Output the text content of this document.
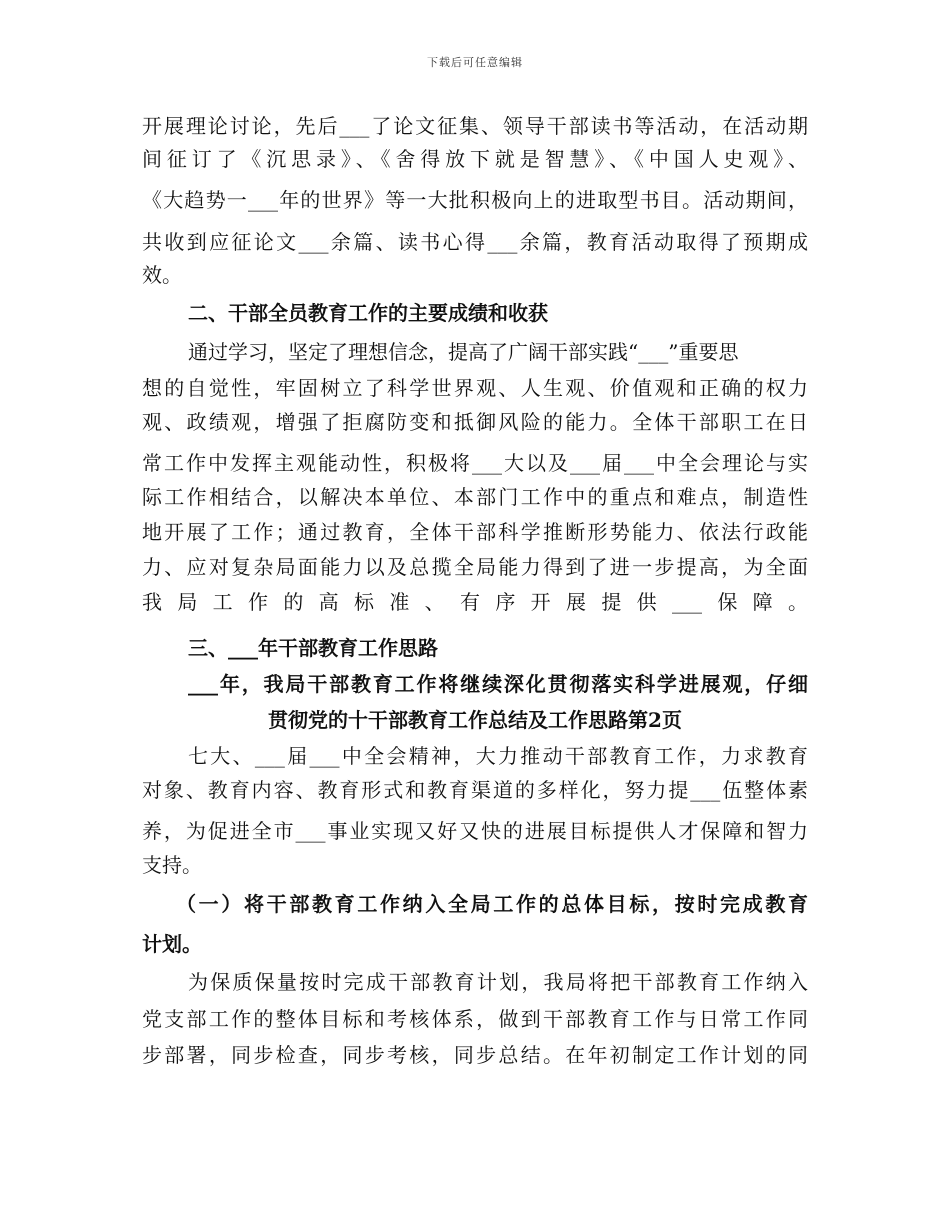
下载后可任意编辑
开展理论讨论，先后___了论文征集、领导干部读书等活动，在活动期
间征订了《沉思录》、《舍得放下就是智慧》、《中国人史观》、
《大趋势一___年的世界》等一大批积极向上的进取型书目。活动期间，
共收到应征论文___余篇、读书心得___余篇，教育活动取得了预期成
效。
二、干部全员教育工作的主要成绩和收获
通过学习，坚定了理想信念，提高了广阔干部实践“___”重要思
想的自觉性，牢固树立了科学世界观、人生观、价值观和正确的权力
观、政绩观，增强了拒腐防变和抵御风险的能力。全体干部职工在日
常工作中发挥主观能动性，积极将___大以及___届___中全会理论与实
际工作相结合，以解决本单位、本部门工作中的重点和难点，制造性
地开展了工作；通过教育，全体干部科学推断形势能力、依法行政能
力、应对复杂局面能力以及总揽全局能力得到了进一步提高，为全面
我局工作的高标准、有序开展提供___保障。
三、___年干部教育工作思路
___年，我局干部教育工作将继续深化贯彻落实科学进展观，仔细
贯彻党的十干部教育工作总结及工作思路第2页
七大、___届___中全会精神，大力推动干部教育工作，力求教育
对象、教育内容、教育形式和教育渠道的多样化，努力提___伍整体素
养，为促进全市___事业实现又好又快的进展目标提供人才保障和智力
支持。
（一）将干部教育工作纳入全局工作的总体目标，按时完成教育
计划。
为保质保量按时完成干部教育计划，我局将把干部教育工作纳入
党支部工作的整体目标和考核体系，做到干部教育工作与日常工作同
步部署，同步检查，同步考核，同步总结。在年初制定工作计划的同
